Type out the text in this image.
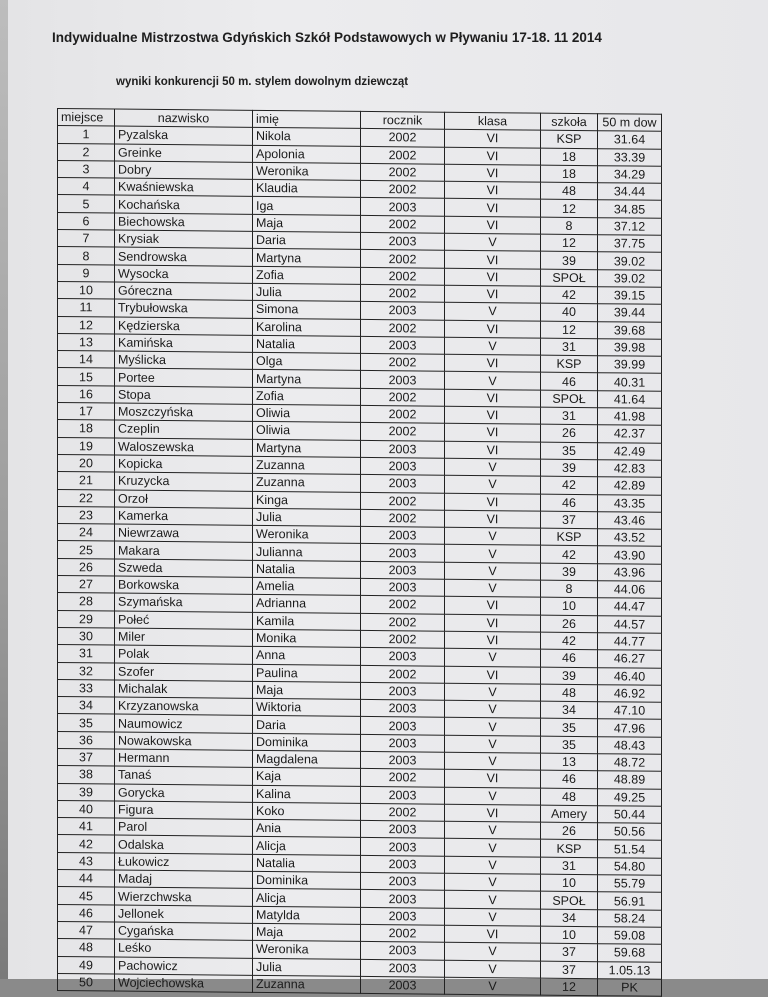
Indywidualne Mistrzostwa Gdyńskich Szkół Podstawowych w Pływaniu 17-18. 11 2014
wyniki konkurencji 50 m. stylem dowolnym dziewcząt
miejsce	nazwisko	imię	rocznik	klasa	szkoła	50 m dow
1	Pyzalska	Nikola	2002	VI	KSP	31.64
2	Greinke	Apolonia	2002	VI	18	33.39
3	Dobry	Weronika	2002	VI	18	34.29
4	Kwaśniewska	Klaudia	2002	VI	48	34.44
5	Kochańska	Iga	2003	VI	12	34.85
6	Biechowska	Maja	2002	VI	8	37.12
7	Krysiak	Daria	2003	V	12	37.75
8	Sendrowska	Martyna	2002	VI	39	39.02
9	Wysocka	Zofia	2002	VI	SPOŁ	39.02
10	Góreczna	Julia	2002	VI	42	39.15
11	Trybułowska	Simona	2003	V	40	39.44
12	Kędzierska	Karolina	2002	VI	12	39.68
13	Kamińska	Natalia	2003	V	31	39.98
14	Myślicka	Olga	2002	VI	KSP	39.99
15	Portee	Martyna	2003	V	46	40.31
16	Stopa	Zofia	2002	VI	SPOŁ	41.64
17	Moszczyńska	Oliwia	2002	VI	31	41.98
18	Czeplin	Oliwia	2002	VI	26	42.37
19	Waloszewska	Martyna	2003	VI	35	42.49
20	Kopicka	Zuzanna	2003	V	39	42.83
21	Kruzycka	Zuzanna	2003	V	42	42.89
22	Orzoł	Kinga	2002	VI	46	43.35
23	Kamerka	Julia	2002	VI	37	43.46
24	Niewrzawa	Weronika	2003	V	KSP	43.52
25	Makara	Julianna	2003	V	42	43.90
26	Szweda	Natalia	2003	V	39	43.96
27	Borkowska	Amelia	2003	V	8	44.06
28	Szymańska	Adrianna	2002	VI	10	44.47
29	Połeć	Kamila	2002	VI	26	44.57
30	Miler	Monika	2002	VI	42	44.77
31	Polak	Anna	2003	V	46	46.27
32	Szofer	Paulina	2002	VI	39	46.40
33	Michalak	Maja	2003	V	48	46.92
34	Krzyzanowska	Wiktoria	2003	V	34	47.10
35	Naumowicz	Daria	2003	V	35	47.96
36	Nowakowska	Dominika	2003	V	35	48.43
37	Hermann	Magdalena	2003	V	13	48.72
38	Tanaś	Kaja	2002	VI	46	48.89
39	Gorycka	Kalina	2003	V	48	49.25
40	Figura	Koko	2002	VI	Amery	50.44
41	Parol	Ania	2003	V	26	50.56
42	Odalska	Alicja	2003	V	KSP	51.54
43	Łukowicz	Natalia	2003	V	31	54.80
44	Madaj	Dominika	2003	V	10	55.79
45	Wierzchwska	Alicja	2003	V	SPOŁ	56.91
46	Jellonek	Matylda	2003	V	34	58.24
47	Cygańska	Maja	2002	VI	10	59.08
48	Leśko	Weronika	2003	V	37	59.68
49	Pachowicz	Julia	2003	V	37	1.05.13
50	Wojciechowska	Zuzanna	2003	V	12	PK
